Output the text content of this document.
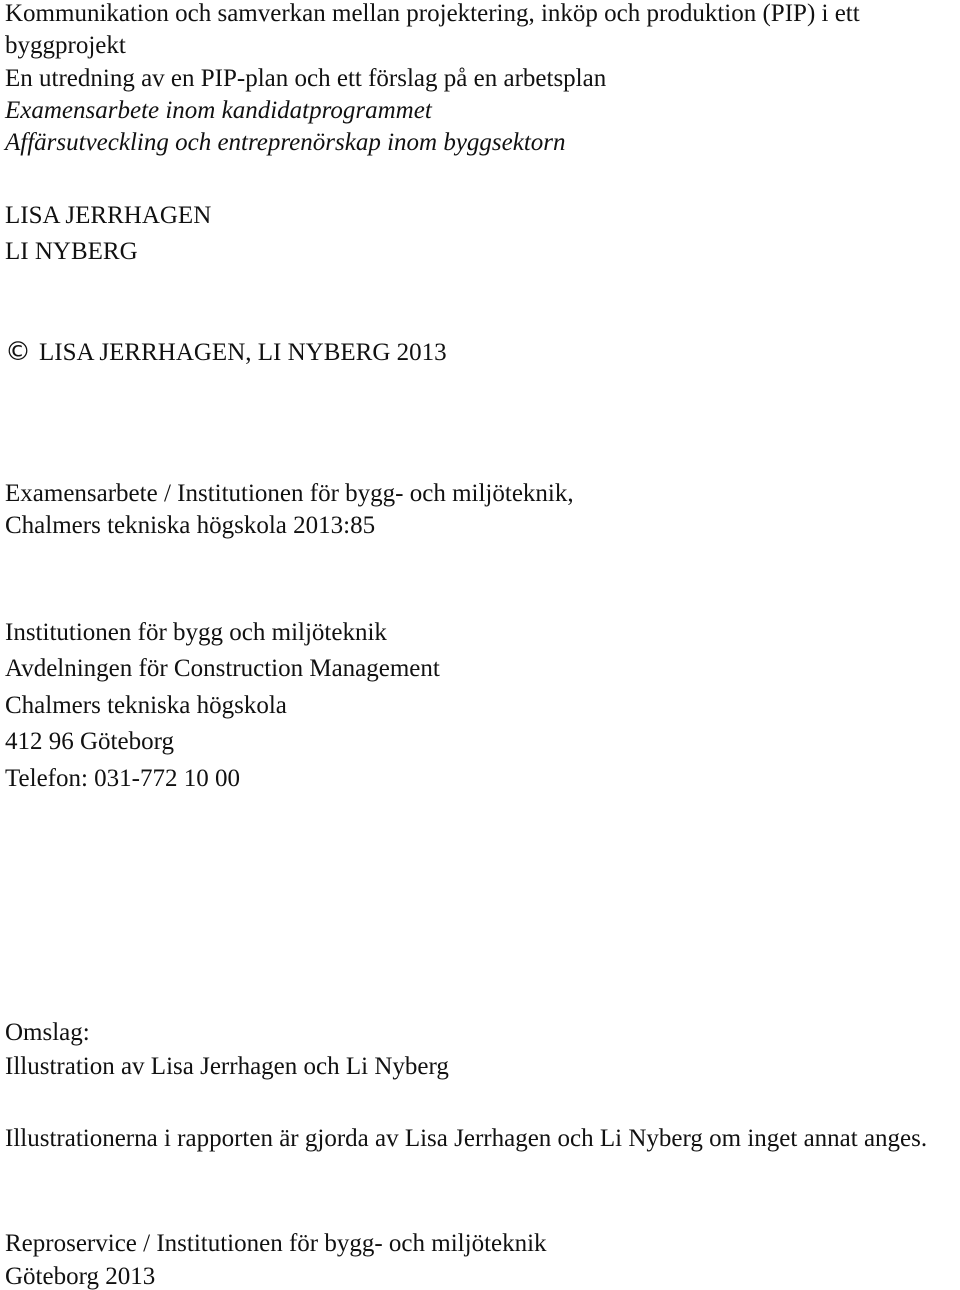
Kommunikation och samverkan mellan projektering, inköp och produktion (PIP) i ett
byggprojekt
En utredning av en PIP-plan och ett förslag på en arbetsplan
Examensarbete inom kandidatprogrammet
Affärsutveckling och entreprenörskap inom byggsektorn
LISA JERRHAGEN
LI NYBERG
© LISA JERRHAGEN, LI NYBERG 2013
Examensarbete / Institutionen för bygg- och miljöteknik,
Chalmers tekniska högskola 2013:85
Institutionen för bygg och miljöteknik
Avdelningen för Construction Management
Chalmers tekniska högskola
412 96 Göteborg
Telefon: 031-772 10 00
Omslag:
Illustration av Lisa Jerrhagen och Li Nyberg
Illustrationerna i rapporten är gjorda av Lisa Jerrhagen och Li Nyberg om inget annat anges.
Reproservice / Institutionen för bygg- och miljöteknik
Göteborg 2013
